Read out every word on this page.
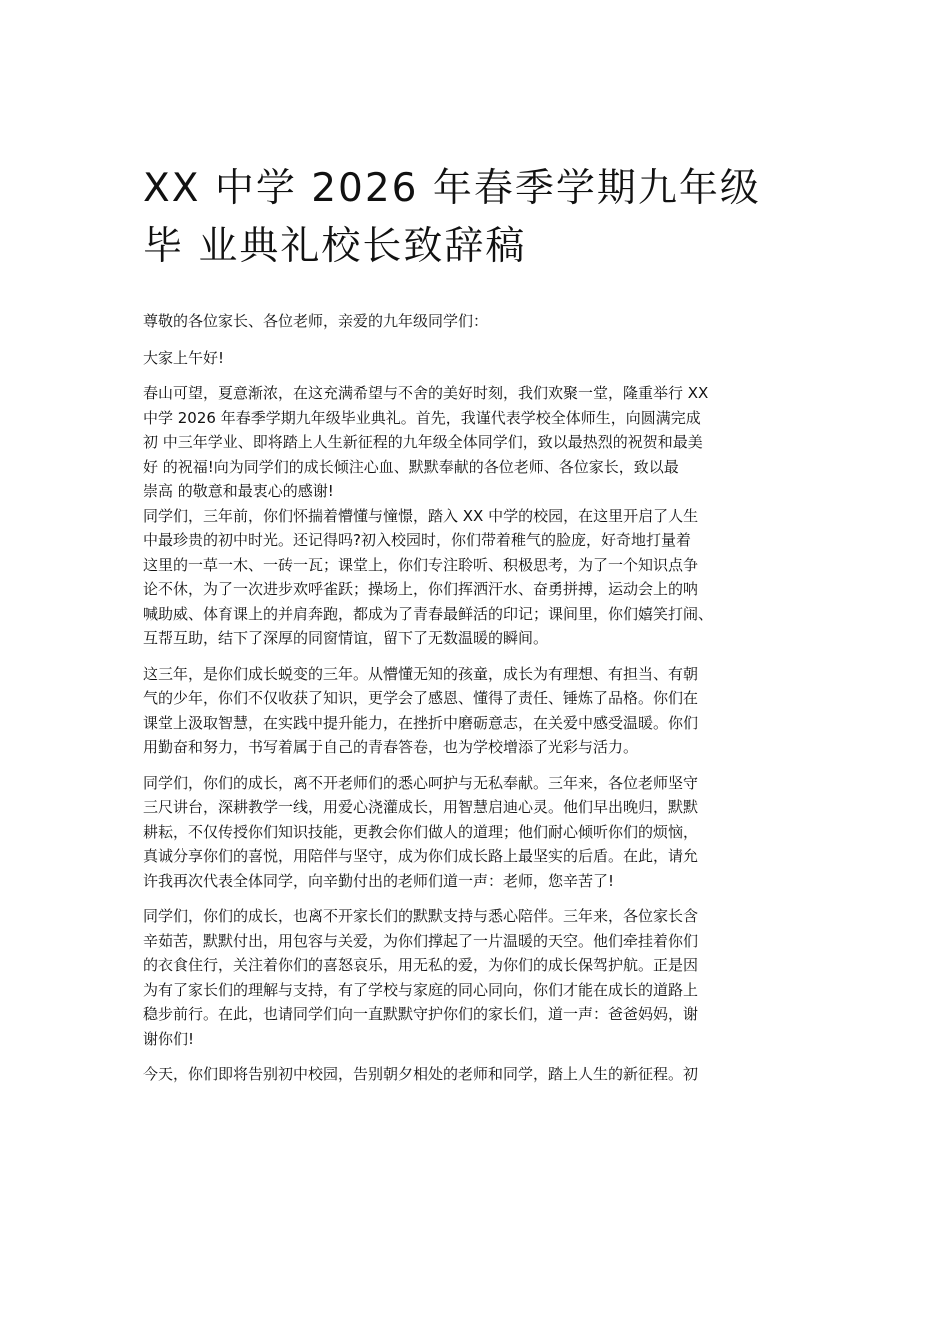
XX 中学 2026 年春季学期九年级
毕 业典礼校长致辞稿

尊敬的各位家长、各位老师，亲爱的九年级同学们：

大家上午好!

春山可望，夏意渐浓，在这充满希望与不舍的美好时刻，我们欢聚一堂，隆重举行 XX
中学 2026 年春季学期九年级毕业典礼。首先，我谨代表学校全体师生，向圆满完成
初 中三年学业、即将踏上人生新征程的九年级全体同学们，致以最热烈的祝贺和最美
好 的祝福!向为同学们的成长倾注心血、默默奉献的各位老师、各位家长，致以最
崇高 的敬意和最衷心的感谢!

同学们，三年前，你们怀揣着懵懂与憧憬，踏入 XX 中学的校园，在这里开启了人生
中最珍贵的初中时光。还记得吗?初入校园时，你们带着稚气的脸庞，好奇地打量着
这里的一草一木、一砖一瓦；课堂上，你们专注聆听、积极思考，为了一个知识点争
论不休，为了一次进步欢呼雀跃；操场上，你们挥洒汗水、奋勇拼搏，运动会上的呐
喊助威、体育课上的并肩奔跑，都成为了青春最鲜活的印记；课间里，你们嬉笑打闹、
互帮互助，结下了深厚的同窗情谊，留下了无数温暖的瞬间。

这三年，是你们成长蜕变的三年。从懵懂无知的孩童，成长为有理想、有担当、有朝
气的少年，你们不仅收获了知识，更学会了感恩、懂得了责任、锤炼了品格。你们在
课堂上汲取智慧，在实践中提升能力，在挫折中磨砺意志，在关爱中感受温暖。你们
用勤奋和努力，书写着属于自己的青春答卷，也为学校增添了光彩与活力。

同学们，你们的成长，离不开老师们的悉心呵护与无私奉献。三年来，各位老师坚守
三尺讲台，深耕教学一线，用爱心浇灌成长，用智慧启迪心灵。他们早出晚归，默默
耕耘，不仅传授你们知识技能，更教会你们做人的道理；他们耐心倾听你们的烦恼，
真诚分享你们的喜悦，用陪伴与坚守，成为你们成长路上最坚实的后盾。在此，请允
许我再次代表全体同学，向辛勤付出的老师们道一声：老师，您辛苦了!

同学们，你们的成长，也离不开家长们的默默支持与悉心陪伴。三年来，各位家长含
辛茹苦，默默付出，用包容与关爱，为你们撑起了一片温暖的天空。他们牵挂着你们
的衣食住行，关注着你们的喜怒哀乐，用无私的爱，为你们的成长保驾护航。正是因
为有了家长们的理解与支持，有了学校与家庭的同心同向，你们才能在成长的道路上
稳步前行。在此，也请同学们向一直默默守护你们的家长们，道一声：爸爸妈妈，谢
谢你们!

今天，你们即将告别初中校园，告别朝夕相处的老师和同学，踏上人生的新征程。初
